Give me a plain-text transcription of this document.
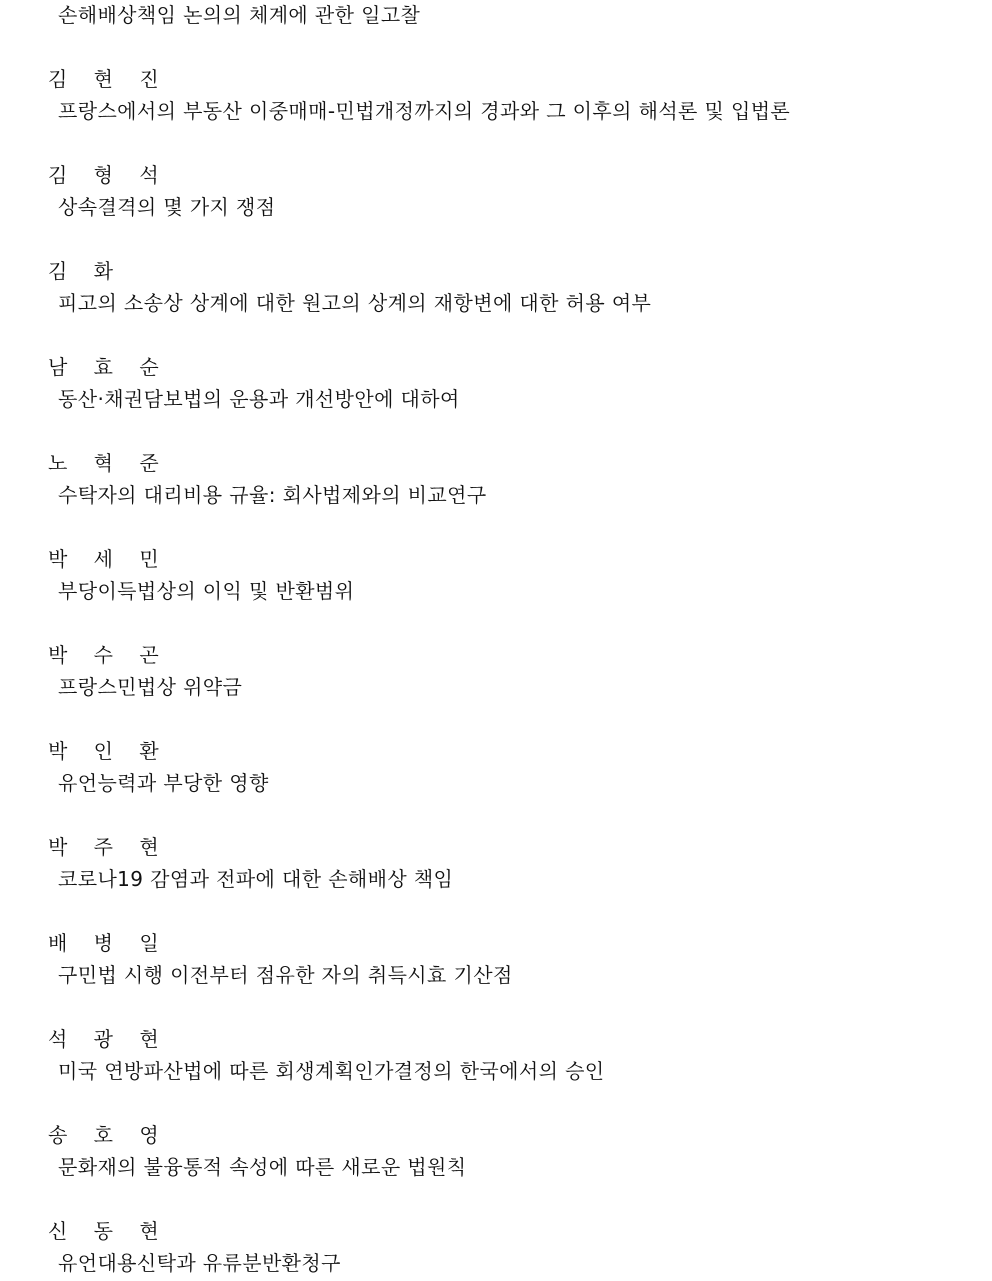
손해배상책임 논의의 체계에 관한 일고찰
김 현 진
프랑스에서의 부동산 이중매매-민법개정까지의 경과와 그 이후의 해석론 및 입법론
김 형 석
상속결격의 몇 가지 쟁점
김 화
피고의 소송상 상계에 대한 원고의 상계의 재항변에 대한 허용 여부
남 효 순
동산·채권담보법의 운용과 개선방안에 대하여
노 혁 준
수탁자의 대리비용 규율: 회사법제와의 비교연구
박 세 민
부당이득법상의 이익 및 반환범위
박 수 곤
프랑스민법상 위약금
박 인 환
유언능력과 부당한 영향
박 주 현
코로나19 감염과 전파에 대한 손해배상 책임
배 병 일
구민법 시행 이전부터 점유한 자의 취득시효 기산점
석 광 현
미국 연방파산법에 따른 회생계획인가결정의 한국에서의 승인
송 호 영
문화재의 불융통적 속성에 따른 새로운 법원칙
신 동 현
유언대용신탁과 유류분반환청구
